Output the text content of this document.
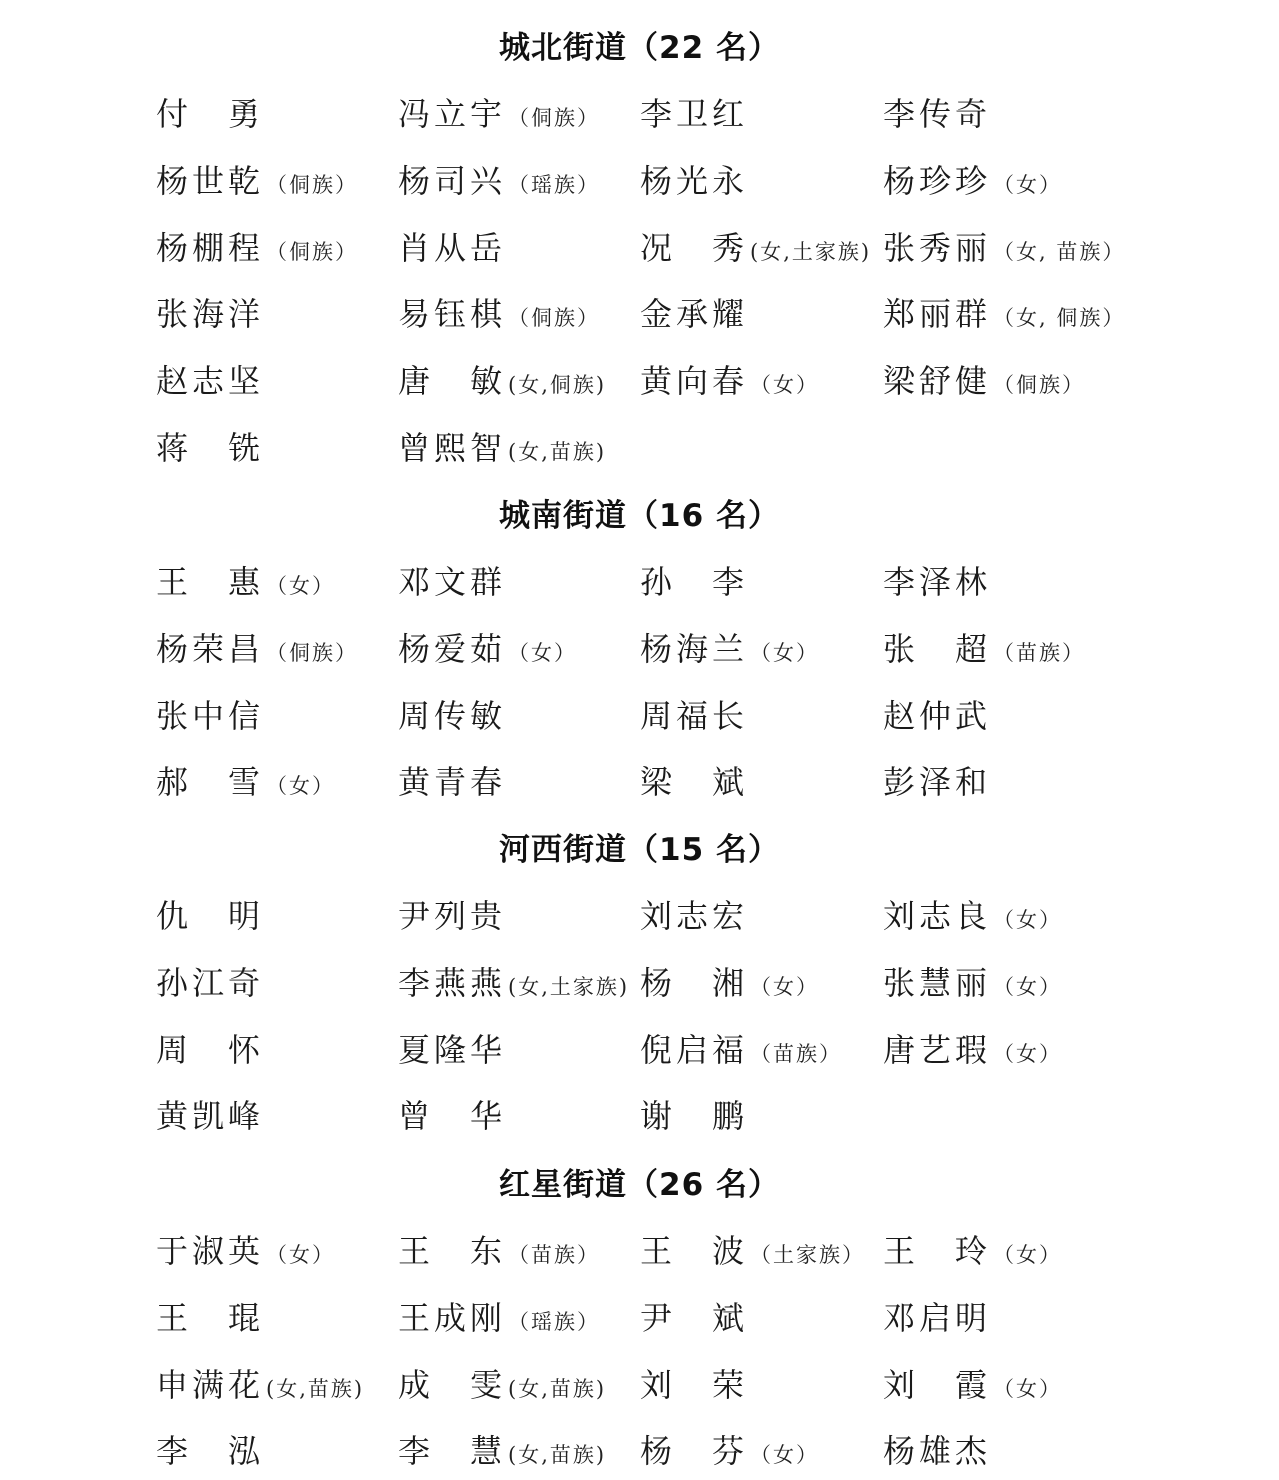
城北街道（22 名）
付　勇	冯立宇（侗族） 李卫红	李传奇
杨世乾（侗族） 杨司兴（瑶族） 杨光永	杨珍珍（女）
杨棚程（侗族） 肖从岳	况　秀(女,土家族) 张秀丽（女, 苗族）
张海洋	易钰棋（侗族） 金承耀	郑丽群（女, 侗族）
赵志坚	唐　敏(女,侗族) 黄向春（女） 梁舒健（侗族）
蒋　铣	曾熙智(女,苗族)
城南街道（16 名）
王　惠（女） 邓文群	孙　李	李泽林
杨荣昌（侗族） 杨爱茹（女） 杨海兰（女） 张　超（苗族）
张中信	周传敏	周福长	赵仲武
郝　雪（女） 黄青春	梁　斌	彭泽和
河西街道（15 名）
仇　明	尹列贵	刘志宏	刘志良（女）
孙江奇	李燕燕(女,土家族) 杨　湘（女） 张慧丽（女）
周　怀	夏隆华	倪启福（苗族） 唐艺瑕（女）
黄凯峰	曾　华	谢　鹏
红星街道（26 名）
于淑英（女） 王　东（苗族） 王　波（土家族） 王　玲（女）
王　琨	王成刚（瑶族） 尹　斌	邓启明
申满花(女,苗族) 成　雯(女,苗族) 刘　荣	刘　霞（女）
李　泓	李　慧(女,苗族) 杨　芬（女） 杨雄杰
